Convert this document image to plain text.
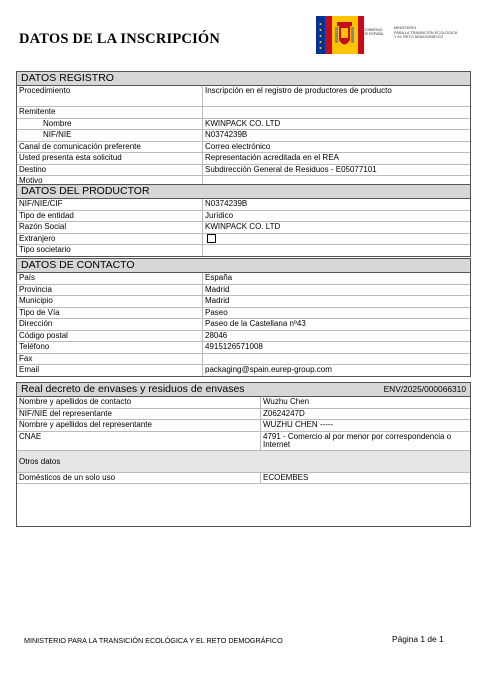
DATOS DE LA INSCRIPCIÓN
GOBIERNO
DE ESPAÑA
MINISTERIO
PARA LA TRANSICIÓN ECOLÓGICA
Y EL RETO DEMOGRÁFICO
DATOS REGISTRO
Procedimiento	Inscripción en el registro de productores de producto
Remitente
Nombre	KWINPACK CO. LTD
NIF/NIE	N0374239B
Canal de comunicación preferente	Correo electrónico
Usted presenta esta solicitud	Representación acreditada en el REA
Destino	Subdirección General de Residuos - E05077101
Motivo
DATOS DEL PRODUCTOR
NIF/NIE/CIF	N0374239B
Tipo de entidad	Jurídico
Razón Social	KWINPACK CO. LTD
Extranjero
Tipo societario
DATOS DE CONTACTO
País	España
Provincia	Madrid
Municipio	Madrid
Tipo de Vía	Paseo
Dirección	Paseo de la Castellana nº43
Código postal	28046
Teléfono	4915126571008
Fax
Email	packaging@spain.eurep-group.com
Real decreto de envases y residuos de envases	ENV/2025/000066310
Nombre y apellidos de contacto	Wuzhu Chen
NIF/NIE del representante	Z0624247D
Nombre y apellidos del representante	WUZHU CHEN -----
CNAE	4791 - Comercio al por menor por correspondencia o Internet
Otros datos
Domésticos de un solo uso	ECOEMBES
MINISTERIO PARA LA TRANSICIÓN ECOLÓGICA Y EL RETO DEMOGRÁFICO	Página 1 de 1
